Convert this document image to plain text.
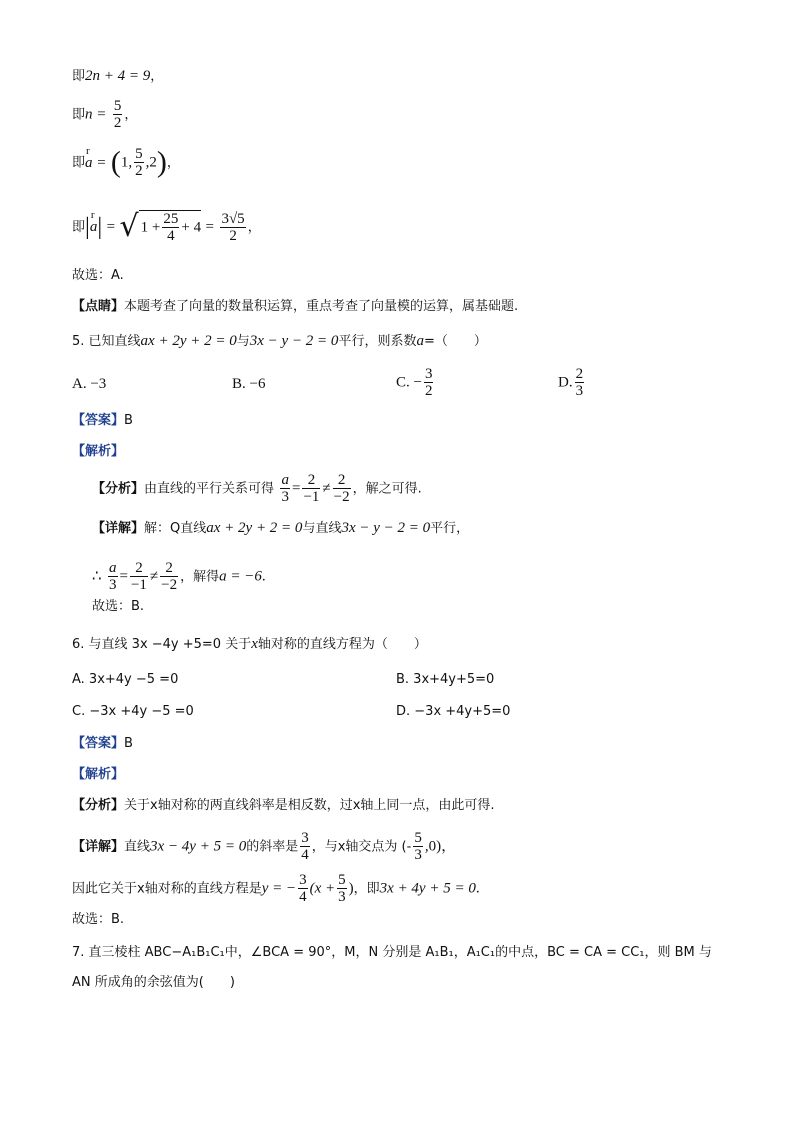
即2n + 4 = 9，
即$n = \frac{5}{2}$ ，
即r a = (1, $\frac{5}{2} ,2$)，
即|r a| = √ $1 + \frac{25}{4} + 4 = \frac{3√5}{2}$ ，
故选：A.
【点睛】本题考查了向量的数量积运算，重点考查了向量模的运算，属基础题.
5. 已知直线ax + 2y + 2 = 0与3x − y − 2 = 0平行，则系数a=（　　）
A. −3	B. −6	C. − $\frac{3}{2}$	D. $\frac{2}{3}$
【答案】B
【解析】
【分析】由直线的平行关系可得 $\frac{a}{3} = \frac{2}{-1} \ne \frac{2}{-2}$ ，解之可得.
【详解】解：Q直线ax + 2y + 2 = 0与直线3x − y − 2 = 0平行，
∴ $\frac{a}{3} = \frac{2}{-1} \ne \frac{2}{-2}$ ，解得a = −6.
故选：B.
6. 与直线 3x −4y +5=0 关于x轴对称的直线方程为（　　）
A. 3x+4y −5 =0	B. 3x+4y+5=0
C. −3x +4y −5 =0	D. −3x +4y+5=0
【答案】B
【解析】
【分析】关于x轴对称的两直线斜率是相反数，过x轴上同一点，由此可得.
【详解】直线3x − 4y + 5 = 0的斜率是 $\frac{3}{4}$ ，与x轴交点为 (- $\frac{5}{3} ,0$)，
因此它关于x轴对称的直线方程是y = − $\frac{3}{4} (x + \frac{5}{3}$ )，即3x + 4y + 5 = 0.
故选：B.
7. 直三棱柱 ABC−A₁B₁C₁中，∠BCA = 90°，M，N 分别是 A₁B₁，A₁C₁的中点，BC = CA = CC₁，则 BM 与
AN 所成角的余弦值为(　　)
